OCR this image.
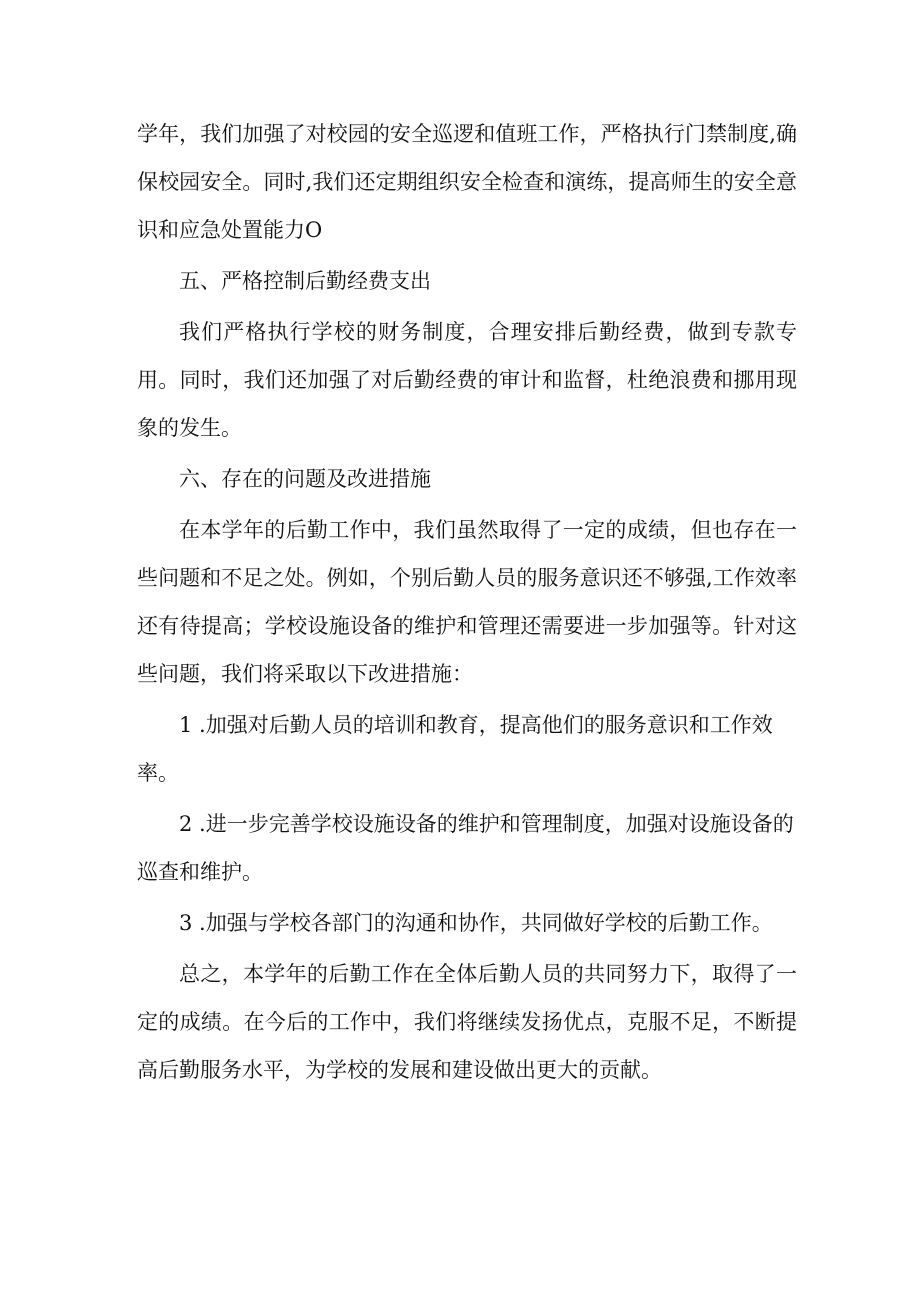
学年，我们加强了对校园的安全巡逻和值班工作，严格执行门禁制度,确保校园安全。同时,我们还定期组织安全检查和演练，提高师生的安全意识和应急处置能力O

五、严格控制后勤经费支出

我们严格执行学校的财务制度，合理安排后勤经费，做到专款专用。同时，我们还加强了对后勤经费的审计和监督，杜绝浪费和挪用现象的发生。

六、存在的问题及改进措施

在本学年的后勤工作中，我们虽然取得了一定的成绩，但也存在一些问题和不足之处。例如，个别后勤人员的服务意识还不够强,工作效率还有待提高；学校设施设备的维护和管理还需要进一步加强等。针对这些问题，我们将采取以下改进措施：

1 .加强对后勤人员的培训和教育，提高他们的服务意识和工作效率。

2 .进一步完善学校设施设备的维护和管理制度，加强对设施设备的巡查和维护。

3 .加强与学校各部门的沟通和协作，共同做好学校的后勤工作。

总之，本学年的后勤工作在全体后勤人员的共同努力下，取得了一定的成绩。在今后的工作中，我们将继续发扬优点，克服不足，不断提高后勤服务水平，为学校的发展和建设做出更大的贡献。
